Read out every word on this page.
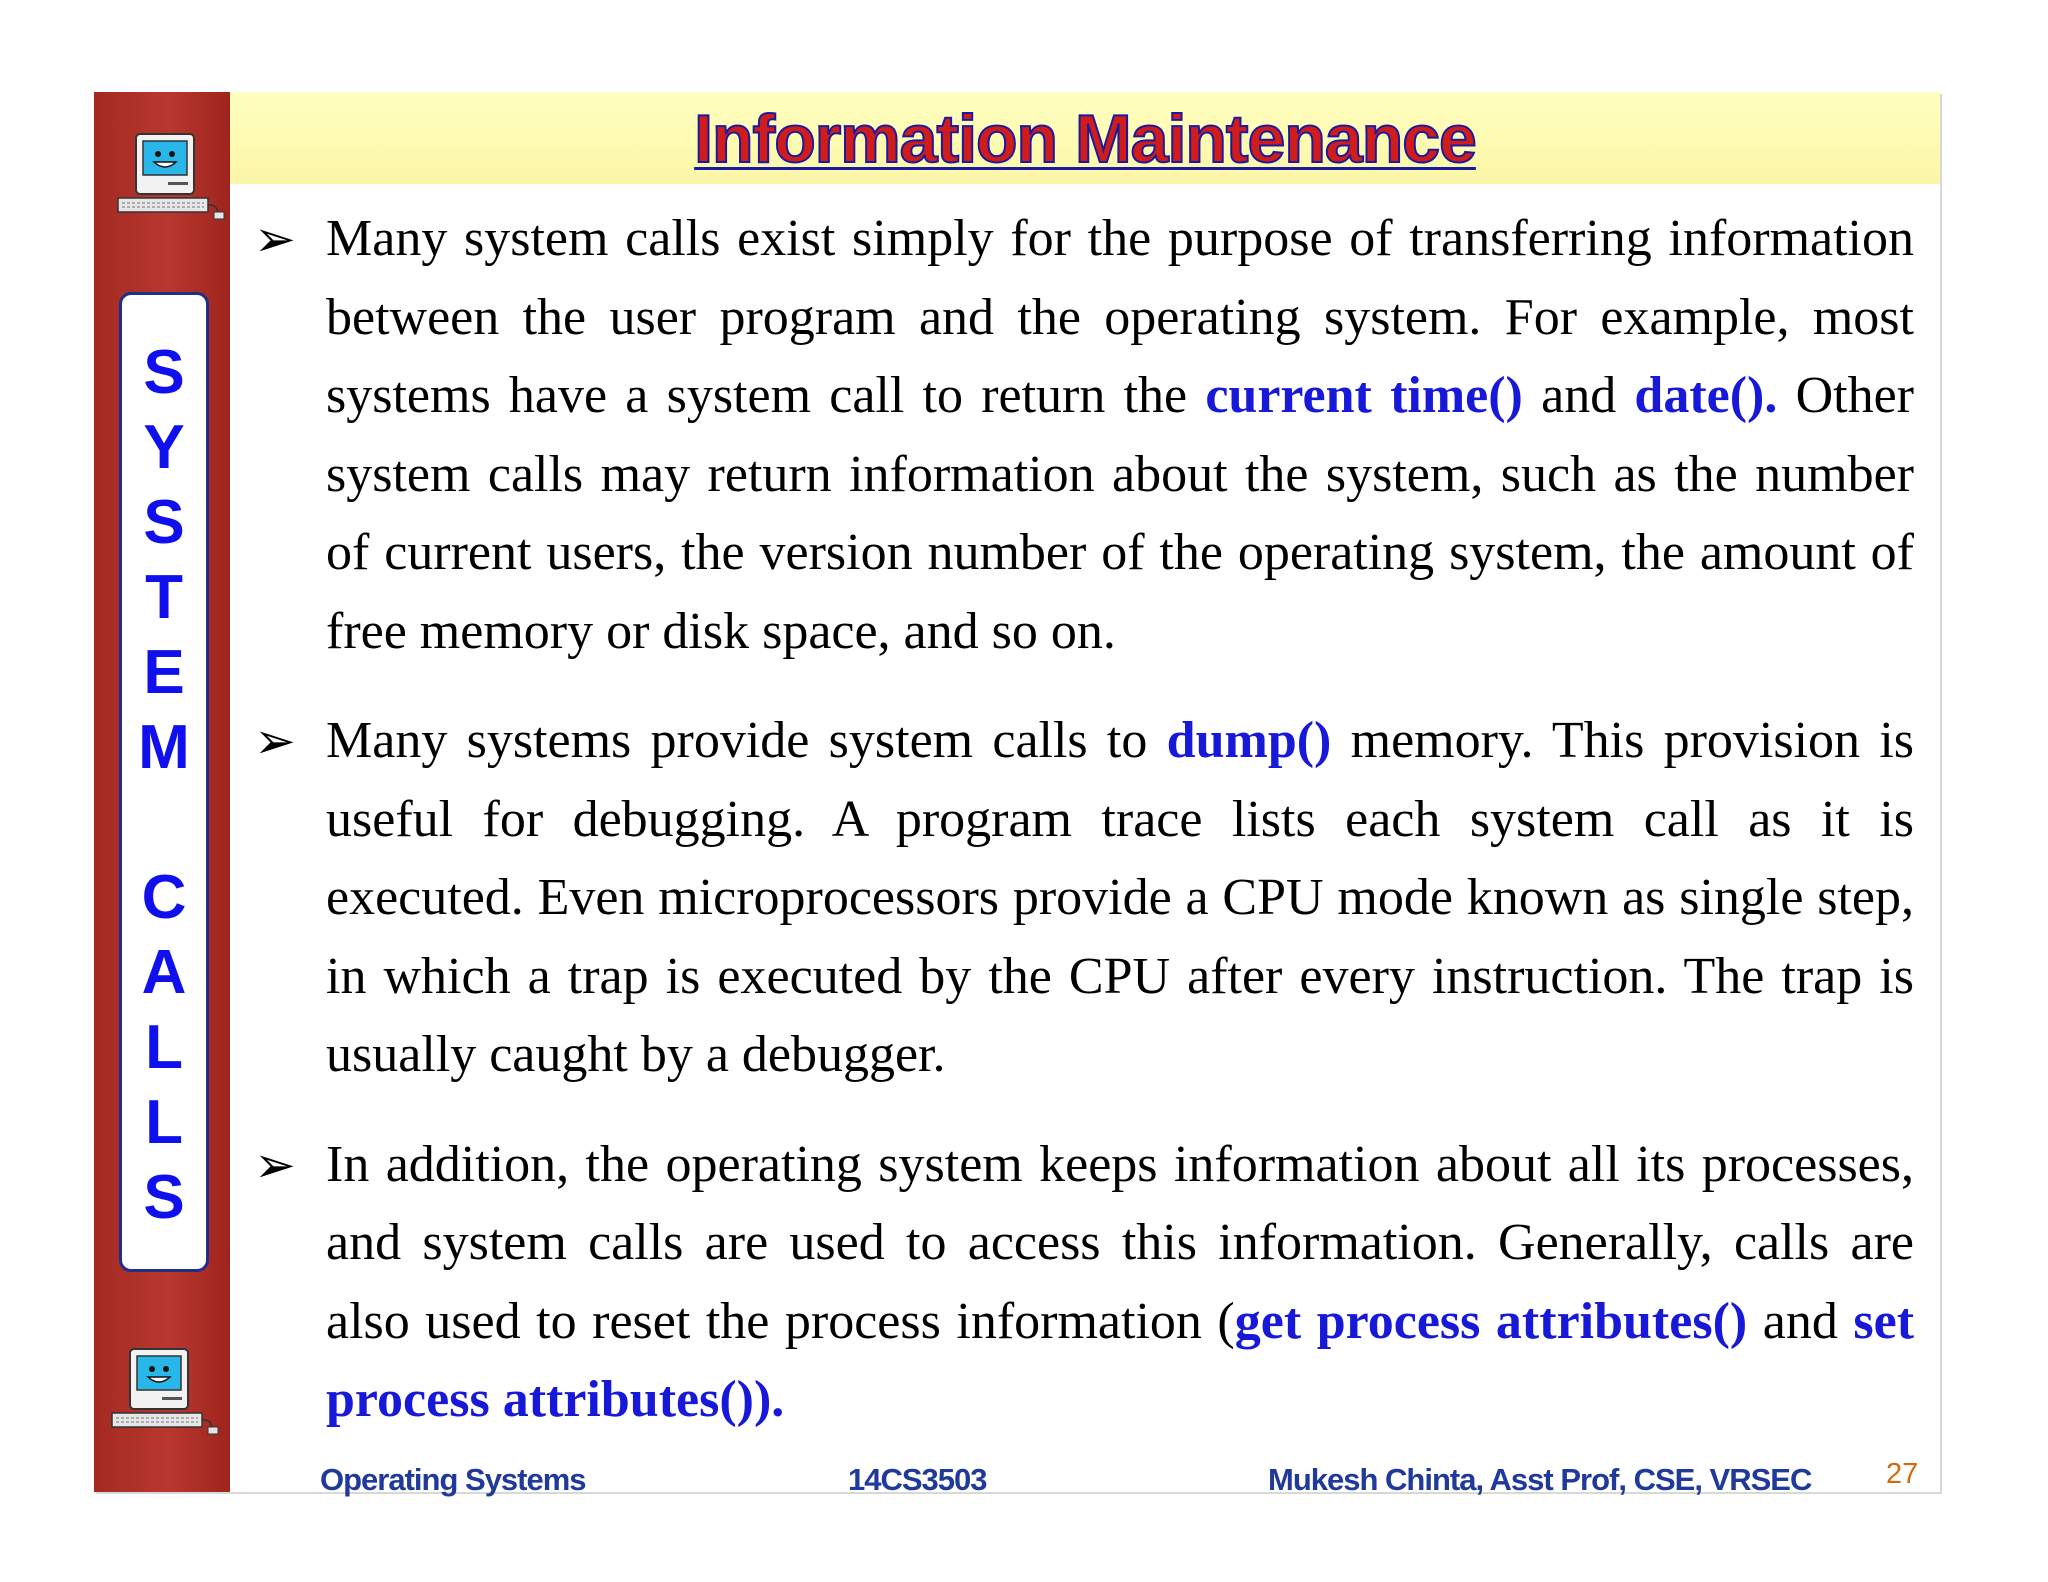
S
Y
S
T
E
M
C
A
L
L
S
Information Maintenance
➢ Many system calls exist simply for the purpose of transferring information between the user program and the operating system. For example, most systems have a system call to return the current time() and date(). Other system calls may return information about the system, such as the number of current users, the version number of the operating system, the amount of free memory or disk space, and so on.
➢ Many systems provide system calls to dump() memory. This provision is useful for debugging. A program trace lists each system call as it is executed. Even microprocessors provide a CPU mode known as single step, in which a trap is executed by the CPU after every instruction. The trap is usually caught by a debugger.
➢ In addition, the operating system keeps information about all its processes, and system calls are used to access this information. Generally, calls are also used to reset the process information (get process attributes() and set process attributes()).
Operating Systems	14CS3503	Mukesh Chinta, Asst Prof, CSE, VRSEC	27
